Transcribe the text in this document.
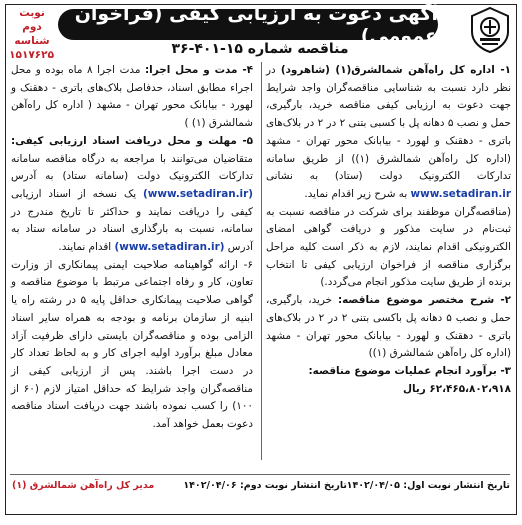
نوبت دوم
شناسه
۱۵۱۷۶۲۵
آگهی دعوت به ارزیابی کیفی (فراخوان عمومی)
مناقصه شماره ۱۵-۴۰۱-۳۶

۱- اداره کل راه‌آهن شمالشرق(۱) (شاهرود) در نظر دارد نسبت به شناسایی مناقصه‌گران واجد شرایط جهت دعوت به ارزیابی کیفی مناقصه خرید، بارگیری، حمل و نصب ۵ دهانه پل با کسبی بتنی ۲ در ۲ در بلاک‌های باتری - دهقنک و لهورد - بیابانک محور تهران - مشهد (اداره کل راه‌آهن شمالشرق (۱)) از طریق سامانه تدارکات الکترونیک دولت (ستاد) به نشانی www.setadiran.ir به شرح زیر اقدام نماید.

(مناقصه‌گران موظفند برای شرکت در مناقصه نسبت به ثبت‌نام در سایت مذکور و دریافت گواهی امضای الکترونیکی اقدام نمایند، لازم به ذکر است کلیه مراحل برگزاری مناقصه از فراخوان ارزیابی کیفی تا انتخاب برنده از طریق سایت مذکور انجام می‌گردد.)

۲- شرح مختصر موضوع مناقصه: خرید، بارگیری، حمل و نصب ۵ دهانه پل باکسی بتنی ۲ در ۲ در بلاک‌های باتری - دهقنک و لهورد - بیابانک محور تهران - مشهد (اداره کل راه‌آهن شمالشرق (۱))

۳- برآورد انجام عملیات موضوع مناقصه:
۶۲،۴۶۵،۸۰۲،۹۱۸ ریال

۴- مدت و محل اجرا: مدت اجرا ۸ ماه بوده و محل اجراء مطابق اسناد، حدفاصل بلاک‌های باتری - دهقنک و لهورد - بیابانک محور تهران - مشهد ( اداره کل راه‌آهن شمالشرق (۱) )

۵- مهلت و محل دریافت اسناد ارزیابی کیفی: متقاضیان می‌توانند با مراجعه به درگاه مناقصه سامانه تدارکات الکترونیک دولت (سامانه ستاد) به آدرس (www.setadiran.ir) یک نسخه از اسناد ارزیابی کیفی را دریافت نمایند و حداکثر تا تاریخ مندرج در سامانه، نسبت به بارگذاری اسناد در سامانه ستاد به آدرس (www.setadiran.ir) اقدام نمایند.

۶- ارائه گواهینامه صلاحیت ایمنی پیمانکاری از وزارت تعاون، کار و رفاه اجتماعی مرتبط با موضوع مناقصه و گواهی صلاحیت پیمانکاری حداقل پایه ۵ در رشته راه یا ابنیه از سازمان برنامه و بودجه به همراه سایر اسناد الزامی بوده و مناقصه‌گران بایستی دارای ظرفیت آزاد معادل مبلغ برآورد اولیه اجرای کار و به لحاظ تعداد کار در دست اجرا باشند. پس از ارزیابی کیفی از مناقصه‌گران واجد شرایط که حداقل امتیاز لازم (۶۰ از ۱۰۰) را کسب نموده باشند جهت دریافت اسناد مناقصه دعوت بعمل خواهد آمد.

تاریخ انتشار نوبت اول: ۱۴۰۲/۰۴/۰۵
تاریخ انتشار نوبت دوم: ۱۴۰۲/۰۴/۰۶
مدیر کل راه‌آهن شمالشرق (۱)
